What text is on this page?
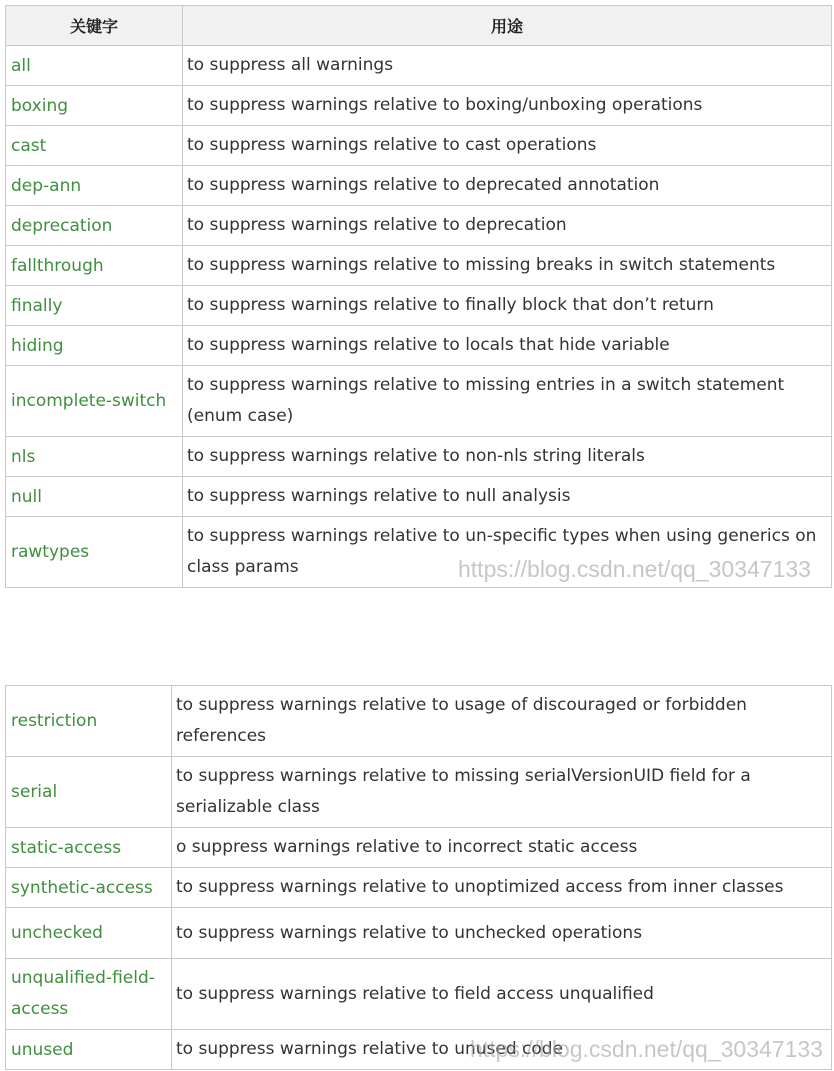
关键字	用途
all	to suppress all warnings
boxing	to suppress warnings relative to boxing/unboxing operations
cast	to suppress warnings relative to cast operations
dep-ann	to suppress warnings relative to deprecated annotation
deprecation	to suppress warnings relative to deprecation
fallthrough	to suppress warnings relative to missing breaks in switch statements
finally	to suppress warnings relative to finally block that don’t return
hiding	to suppress warnings relative to locals that hide variable
incomplete-switch	to suppress warnings relative to missing entries in a switch statement (enum case)
nls	to suppress warnings relative to non-nls string literals
null	to suppress warnings relative to null analysis
rawtypes	to suppress warnings relative to un-specific types when using generics on class params
restriction	to suppress warnings relative to usage of discouraged or forbidden references
serial	to suppress warnings relative to missing serialVersionUID field for a serializable class
static-access	o suppress warnings relative to incorrect static access
synthetic-access	to suppress warnings relative to unoptimized access from inner classes
unchecked	to suppress warnings relative to unchecked operations
unqualified-field-access	to suppress warnings relative to field access unqualified
unused	to suppress warnings relative to unused code
https://blog.csdn.net/qq_30347133
https://blog.csdn.net/qq_30347133
